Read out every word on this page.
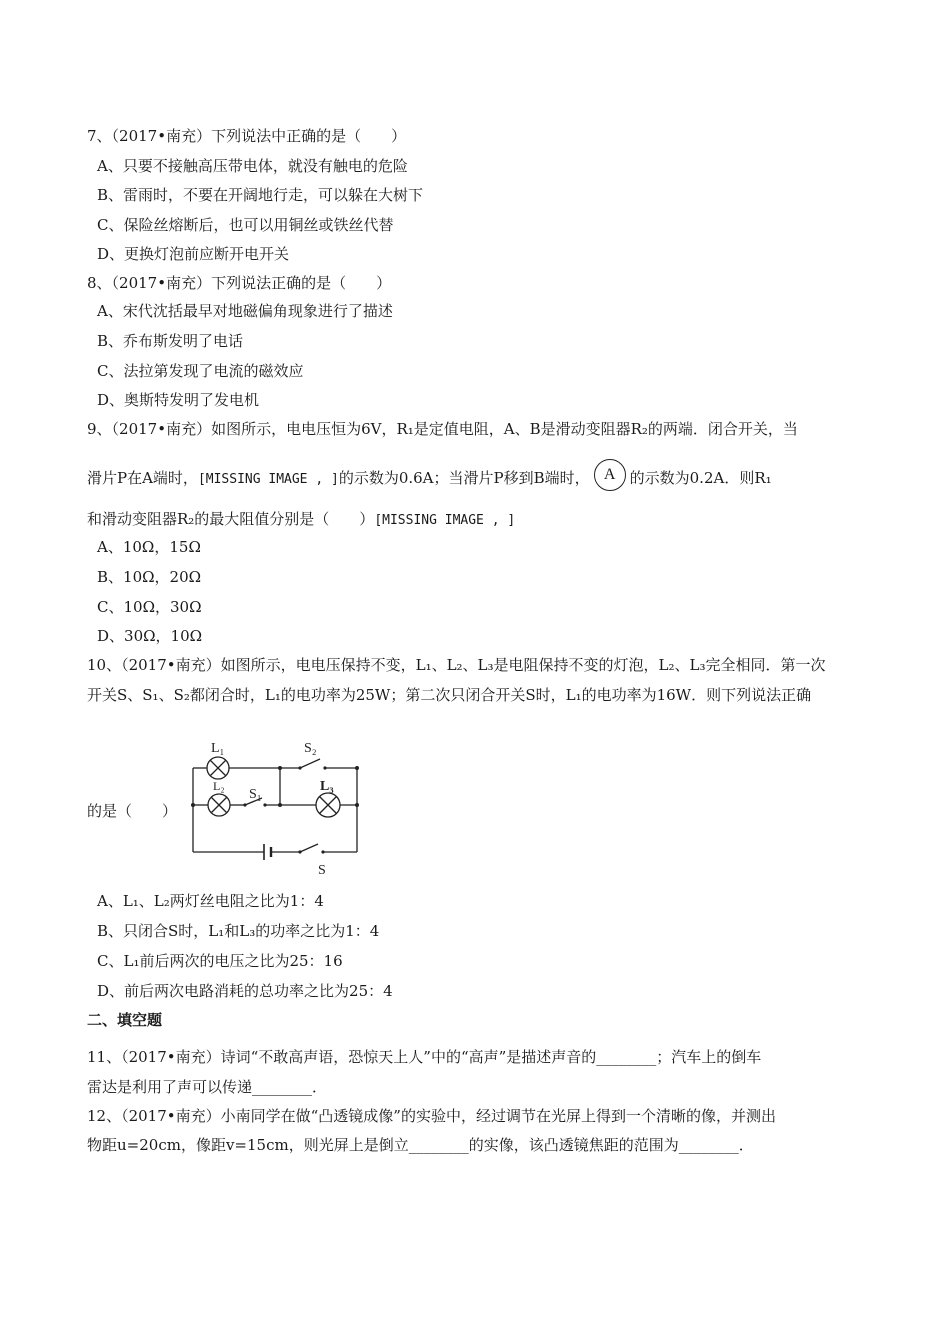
7、（2017•南充）下列说法中正确的是（　　）
A、只要不接触高压带电体，就没有触电的危险
B、雷雨时，不要在开阔地行走，可以躲在大树下
C、保险丝熔断后，也可以用铜丝或铁丝代替
D、更换灯泡前应断开电开关
8、（2017•南充）下列说法正确的是（　　）
A、宋代沈括最早对地磁偏角现象进行了描述
B、乔布斯发明了电话
C、法拉第发现了电流的磁效应
D、奥斯特发明了发电机
9、（2017•南充）如图所示，电电压恒为6V，R₁是定值电阻，A、B是滑动变阻器R₂的两端．闭合开关，当
滑片P在A端时，[MISSING IMAGE , ]的示数为0.6A；当滑片P移到B端时， A 的示数为0.2A．则R₁
和滑动变阻器R₂的最大阻值分别是（　　）[MISSING IMAGE , ]
A、10Ω，15Ω
B、10Ω，20Ω
C、10Ω，30Ω
D、30Ω，10Ω
10、（2017•南充）如图所示，电电压保持不变，L₁、L₂、L₃是电阻保持不变的灯泡，L₂、L₃完全相同．第一次
开关S、S₁、S₂都闭合时，L₁的电功率为25W；第二次只闭合开关S时，L₁的电功率为16W．则下列说法正确
的是（　　）
L₁
L₂	L₃
S₁
S₂
S
A、L₁、L₂两灯丝电阻之比为1：4
B、只闭合S时，L₁和L₃的功率之比为1：4
C、L₁前后两次的电压之比为25：16
D、前后两次电路消耗的总功率之比为25：4
二、填空题
11、（2017•南充）诗词“不敢高声语，恐惊天上人”中的“高声”是描述声音的________；汽车上的倒车
雷达是利用了声可以传递________．
12、（2017•南充）小南同学在做“凸透镜成像”的实验中，经过调节在光屏上得到一个清晰的像，并测出
物距u=20cm，像距v=15cm，则光屏上是倒立________的实像，该凸透镜焦距的范围为________．
